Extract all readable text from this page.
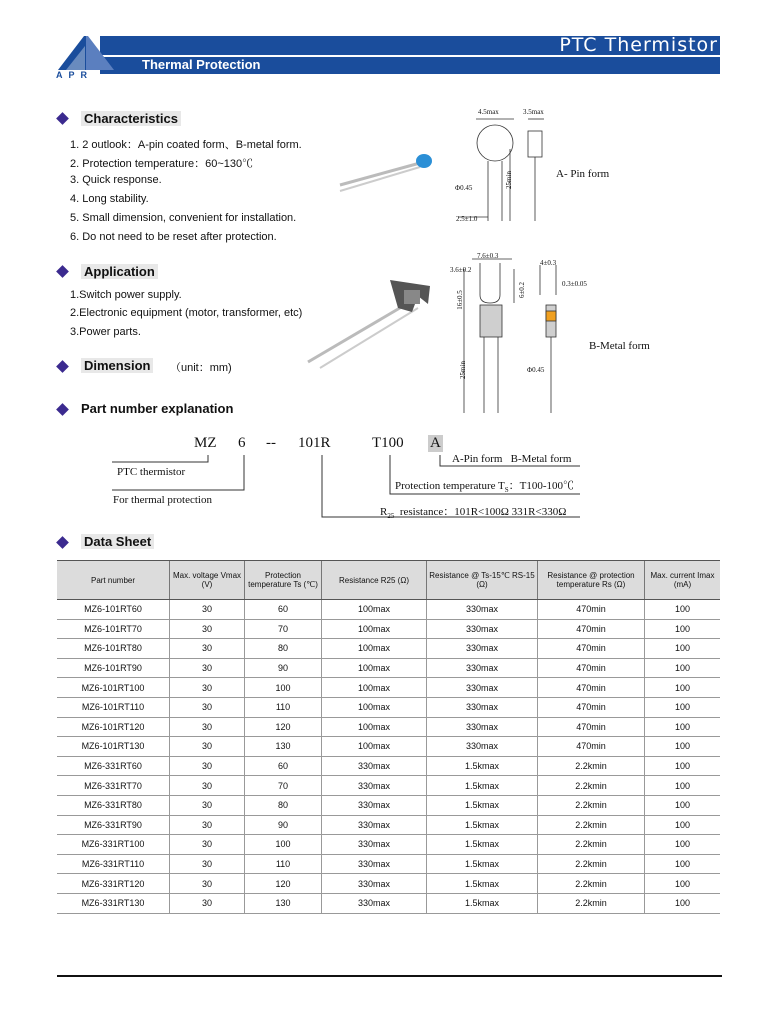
PTC Thermistor
Thermal Protection
APR
Characteristics
1. 2 outlook：A-pin coated form、B-metal form.
2. Protection temperature：60~130℃
3. Quick response.
4. Long stability.
5. Small dimension, convenient for installation.
6. Do not need to be reset after protection.
Application
1.Switch power supply.
2.Electronic equipment (motor, transformer, etc)
3.Power parts.
Dimension （unit：mm)
4.5max	3.5max
Φ0.45	25min
2.5±1.0
A- Pin form
7.6±0.3
3.6±0.2
4±0.3
16±0.5
6±0.2	0.3±0.05
25min	Φ0.45
B-Metal form
Part number explanation
MZ 6 -- 101R	T100 A
PTC thermistor
For thermal protection
A-Pin form   B-Metal form
Protection temperature $T_S$：T100-100℃
$R_{25}$  resistance：101R<100Ω 331R<330Ω
Data Sheet
Part number	Max. voltage Vmax (V)	Protection temperature Ts (℃)	Resistance R25 (Ω)	Resistance @ Ts-15℃ RS-15 (Ω)	Resistance @ protection temperature Rs (Ω)	Max. current Imax (mA)
MZ6-101RT60	30	60	100max	330max	470min	100
MZ6-101RT70	30	70	100max	330max	470min	100
MZ6-101RT80	30	80	100max	330max	470min	100
MZ6-101RT90	30	90	100max	330max	470min	100
MZ6-101RT100	30	100	100max	330max	470min	100
MZ6-101RT110	30	110	100max	330max	470min	100
MZ6-101RT120	30	120	100max	330max	470min	100
MZ6-101RT130	30	130	100max	330max	470min	100
MZ6-331RT60	30	60	330max	1.5kmax	2.2kmin	100
MZ6-331RT70	30	70	330max	1.5kmax	2.2kmin	100
MZ6-331RT80	30	80	330max	1.5kmax	2.2kmin	100
MZ6-331RT90	30	90	330max	1.5kmax	2.2kmin	100
MZ6-331RT100	30	100	330max	1.5kmax	2.2kmin	100
MZ6-331RT110	30	110	330max	1.5kmax	2.2kmin	100
MZ6-331RT120	30	120	330max	1.5kmax	2.2kmin	100
MZ6-331RT130	30	130	330max	1.5kmax	2.2kmin	100
